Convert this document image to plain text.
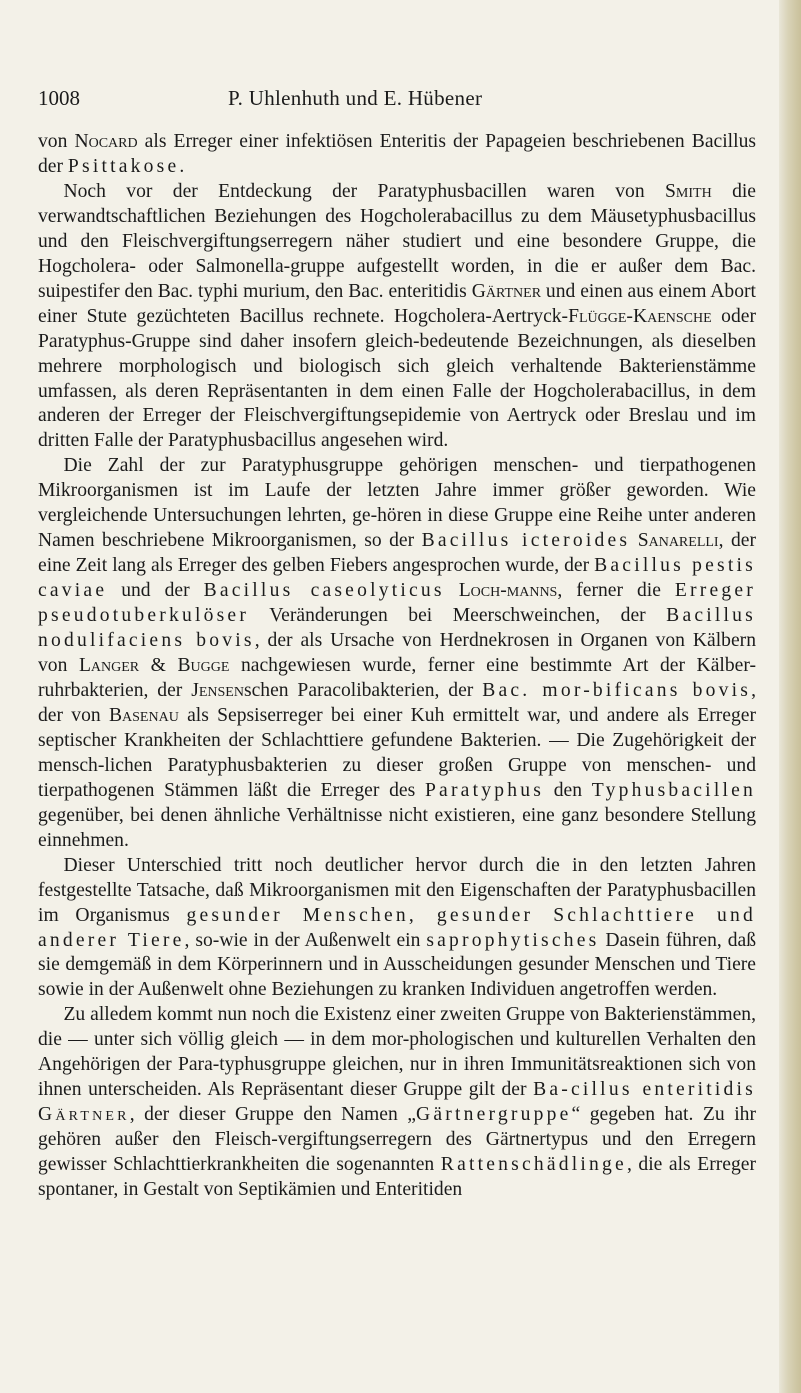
1008	P. Uhlenhuth und E. Hübener

von Nocard als Erreger einer infektiösen Enteritis der Papageien beschriebenen Bacillus der Psittakose.

Noch vor der Entdeckung der Paratyphusbacillen waren von Smith die verwandtschaftlichen Beziehungen des Hogcholerabacillus zu dem Mäusetyphusbacillus und den Fleischvergiftungserregern näher studiert und eine besondere Gruppe, die Hogcholera- oder Salmonella-gruppe aufgestellt worden, in die er außer dem Bac. suipestifer den Bac. typhi murium, den Bac. enteritidis Gärtner und einen aus einem Abort einer Stute gezüchteten Bacillus rechnete. Hogcholera-Aertryck-Flügge-Kaensche oder Paratyphus-Gruppe sind daher insofern gleich-bedeutende Bezeichnungen, als dieselben mehrere morphologisch und biologisch sich gleich verhaltende Bakterienstämme umfassen, als deren Repräsentanten in dem einen Falle der Hogcholerabacillus, in dem anderen der Erreger der Fleischvergiftungsepidemie von Aertryck oder Breslau und im dritten Falle der Paratyphusbacillus angesehen wird.

Die Zahl der zur Paratyphusgruppe gehörigen menschen- und tierpathogenen Mikroorganismen ist im Laufe der letzten Jahre immer größer geworden. Wie vergleichende Untersuchungen lehrten, ge-hören in diese Gruppe eine Reihe unter anderen Namen beschriebene Mikroorganismen, so der Bacillus icteroides Sanarelli, der eine Zeit lang als Erreger des gelben Fiebers angesprochen wurde, der Bacillus pestis caviae und der Bacillus caseolyticus Loch-manns, ferner die Erreger pseudotuberkulöser Veränderungen bei Meerschweinchen, der Bacillus nodulifaciens bovis, der als Ursache von Herdnekrosen in Organen von Kälbern von Langer & Bugge nachgewiesen wurde, ferner eine bestimmte Art der Kälber-ruhrbakterien, der Jensenschen Paracolibakterien, der Bac. mor-bificans bovis, der von Basenau als Sepsiserreger bei einer Kuh ermittelt war, und andere als Erreger septischer Krankheiten der Schlachttiere gefundene Bakterien. — Die Zugehörigkeit der mensch-lichen Paratyphusbakterien zu dieser großen Gruppe von menschen- und tierpathogenen Stämmen läßt die Erreger des Paratyphus den Typhusbacillen gegenüber, bei denen ähnliche Verhältnisse nicht existieren, eine ganz besondere Stellung einnehmen.

Dieser Unterschied tritt noch deutlicher hervor durch die in den letzten Jahren festgestellte Tatsache, daß Mikroorganismen mit den Eigenschaften der Paratyphusbacillen im Organismus gesunder Menschen, gesunder Schlachttiere und anderer Tiere, so-wie in der Außenwelt ein saprophytisches Dasein führen, daß sie demgemäß in dem Körperinnern und in Ausscheidungen gesunder Menschen und Tiere sowie in der Außenwelt ohne Beziehungen zu kranken Individuen angetroffen werden.

Zu alledem kommt nun noch die Existenz einer zweiten Gruppe von Bakterienstämmen, die — unter sich völlig gleich — in dem mor-phologischen und kulturellen Verhalten den Angehörigen der Para-typhusgruppe gleichen, nur in ihren Immunitätsreaktionen sich von ihnen unterscheiden. Als Repräsentant dieser Gruppe gilt der Ba-cillus enteritidis Gärtner, der dieser Gruppe den Namen „Gärtnergruppe“ gegeben hat. Zu ihr gehören außer den Fleisch-vergiftungserregern des Gärtnertypus und den Erregern gewisser Schlachttierkrankheiten die sogenannten Rattenschädlinge, die als Erreger spontaner, in Gestalt von Septikämien und Enteritiden
